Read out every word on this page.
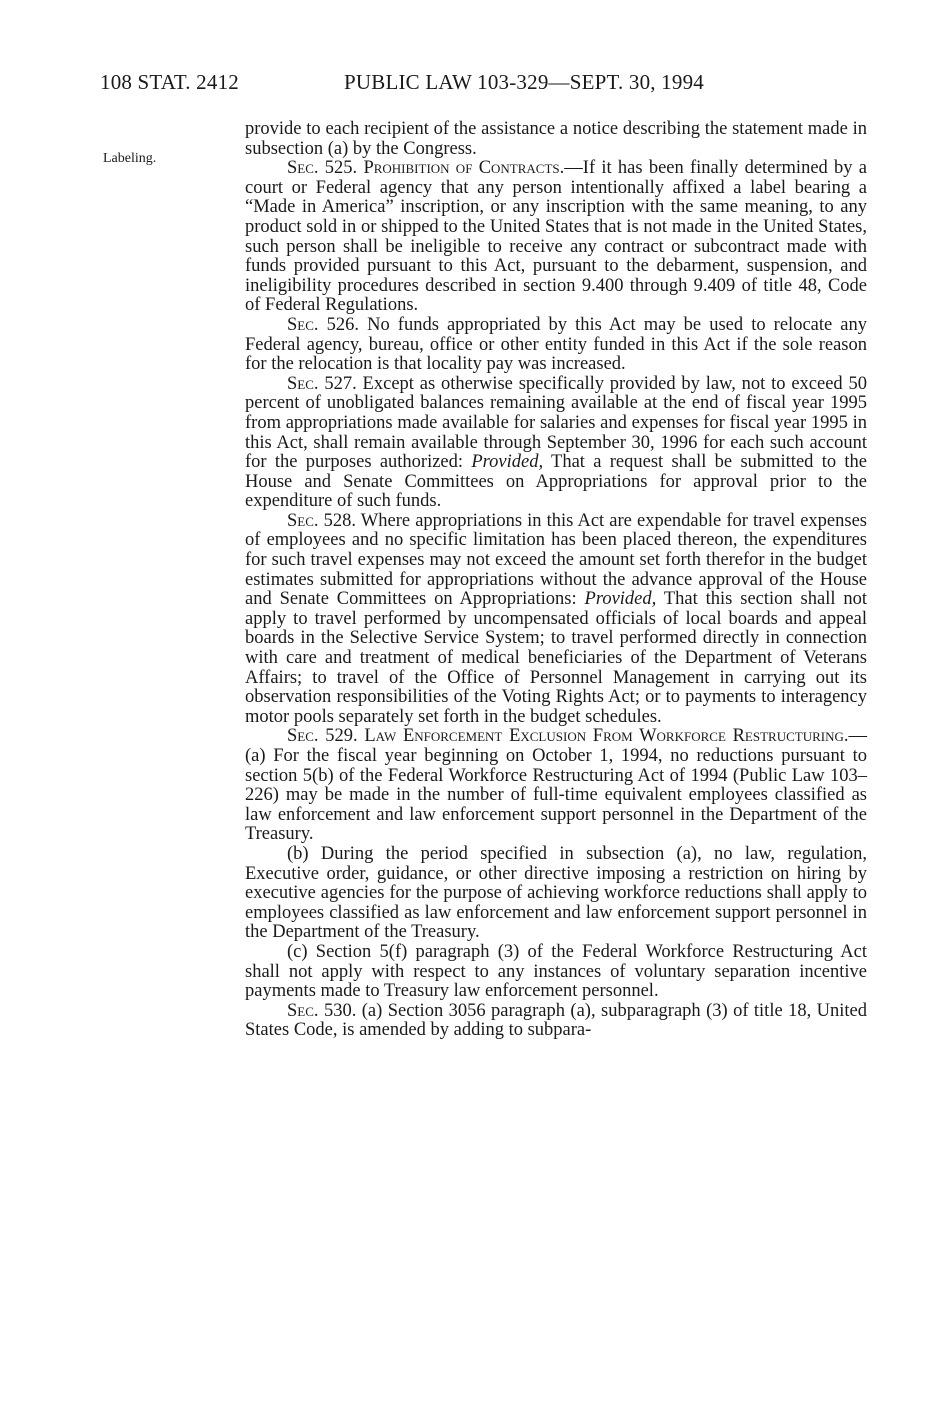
108 STAT. 2412	PUBLIC LAW 103-329—SEPT. 30, 1994
Labeling.

provide to each recipient of the assistance a notice describing the statement made in subsection (a) by the Congress.

Sec. 525. Prohibition of Contracts.—If it has been finally determined by a court or Federal agency that any person intentionally affixed a label bearing a “Made in America” inscription, or any inscription with the same meaning, to any product sold in or shipped to the United States that is not made in the United States, such person shall be ineligible to receive any contract or subcontract made with funds provided pursuant to this Act, pursuant to the debarment, suspension, and ineligibility procedures described in section 9.400 through 9.409 of title 48, Code of Federal Regulations.

Sec. 526. No funds appropriated by this Act may be used to relocate any Federal agency, bureau, office or other entity funded in this Act if the sole reason for the relocation is that locality pay was increased.

Sec. 527. Except as otherwise specifically provided by law, not to exceed 50 percent of unobligated balances remaining available at the end of fiscal year 1995 from appropriations made available for salaries and expenses for fiscal year 1995 in this Act, shall remain available through September 30, 1996 for each such account for the purposes authorized: Provided, That a request shall be submitted to the House and Senate Committees on Appropriations for approval prior to the expenditure of such funds.

Sec. 528. Where appropriations in this Act are expendable for travel expenses of employees and no specific limitation has been placed thereon, the expenditures for such travel expenses may not exceed the amount set forth therefor in the budget estimates submitted for appropriations without the advance approval of the House and Senate Committees on Appropriations: Provided, That this section shall not apply to travel performed by uncompensated officials of local boards and appeal boards in the Selective Service System; to travel performed directly in connection with care and treatment of medical beneficiaries of the Department of Veterans Affairs; to travel of the Office of Personnel Management in carrying out its observation responsibilities of the Voting Rights Act; or to payments to interagency motor pools separately set forth in the budget schedules.

Sec. 529. Law Enforcement Exclusion From Workforce Restructuring.—(a) For the fiscal year beginning on October 1, 1994, no reductions pursuant to section 5(b) of the Federal Workforce Restructuring Act of 1994 (Public Law 103–226) may be made in the number of full-time equivalent employees classified as law enforcement and law enforcement support personnel in the Department of the Treasury.

(b) During the period specified in subsection (a), no law, regulation, Executive order, guidance, or other directive imposing a restriction on hiring by executive agencies for the purpose of achieving workforce reductions shall apply to employees classified as law enforcement and law enforcement support personnel in the Department of the Treasury.

(c) Section 5(f) paragraph (3) of the Federal Workforce Restructuring Act shall not apply with respect to any instances of voluntary separation incentive payments made to Treasury law enforcement personnel.

Sec. 530. (a) Section 3056 paragraph (a), subparagraph (3) of title 18, United States Code, is amended by adding to subpara-
